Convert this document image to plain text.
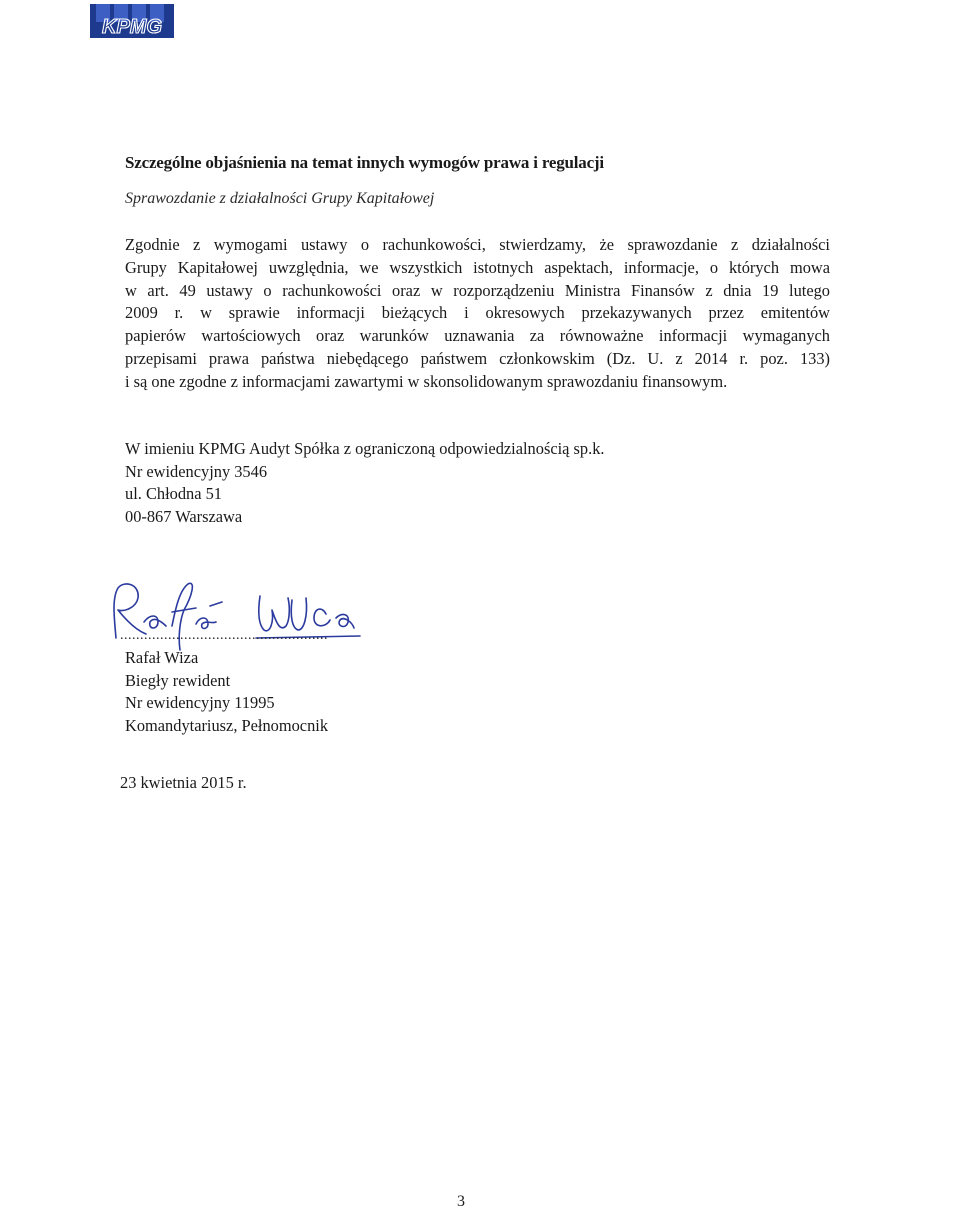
KPMG
Szczególne objaśnienia na temat innych wymogów prawa i regulacji
Sprawozdanie z działalności Grupy Kapitałowej
Zgodnie z wymogami ustawy o rachunkowości, stwierdzamy, że sprawozdanie z działalności
Grupy Kapitałowej uwzględnia, we wszystkich istotnych aspektach, informacje, o których mowa
w art. 49 ustawy o rachunkowości oraz w rozporządzeniu Ministra Finansów z dnia 19 lutego
2009 r. w sprawie informacji bieżących i okresowych przekazywanych przez emitentów
papierów wartościowych oraz warunków uznawania za równoważne informacji wymaganych
przepisami prawa państwa niebędącego państwem członkowskim (Dz. U. z 2014 r. poz. 133)
i są one zgodne z informacjami zawartymi w skonsolidowanym sprawozdaniu finansowym.
W imieniu KPMG Audyt Spółka z ograniczoną odpowiedzialnością sp.k.
Nr ewidencyjny 3546
ul. Chłodna 51
00-867 Warszawa
....................................................
Rafał Wiza
Biegły rewident
Nr ewidencyjny 11995
Komandytariusz, Pełnomocnik
23 kwietnia 2015 r.
3
